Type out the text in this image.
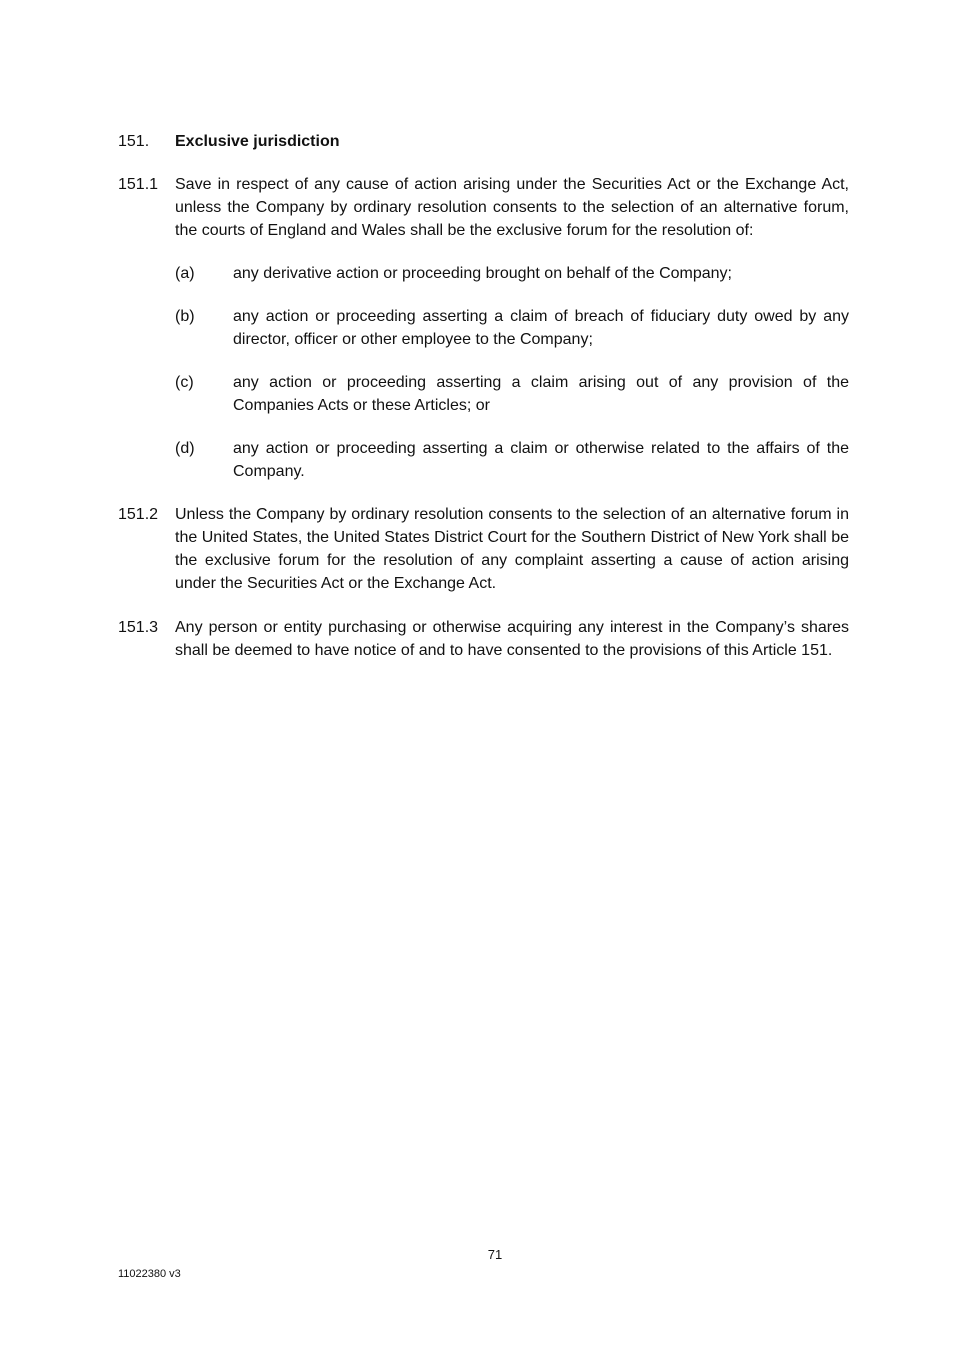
151. Exclusive jurisdiction
151.1 Save in respect of any cause of action arising under the Securities Act or the Exchange Act, unless the Company by ordinary resolution consents to the selection of an alternative forum, the courts of England and Wales shall be the exclusive forum for the resolution of:
(a) any derivative action or proceeding brought on behalf of the Company;
(b) any action or proceeding asserting a claim of breach of fiduciary duty owed by any director, officer or other employee to the Company;
(c) any action or proceeding asserting a claim arising out of any provision of the Companies Acts or these Articles; or
(d) any action or proceeding asserting a claim or otherwise related to the affairs of the Company.
151.2 Unless the Company by ordinary resolution consents to the selection of an alternative forum in the United States, the United States District Court for the Southern District of New York shall be the exclusive forum for the resolution of any complaint asserting a cause of action arising under the Securities Act or the Exchange Act.
151.3 Any person or entity purchasing or otherwise acquiring any interest in the Company’s shares shall be deemed to have notice of and to have consented to the provisions of this Article 151.
71
11022380 v3
